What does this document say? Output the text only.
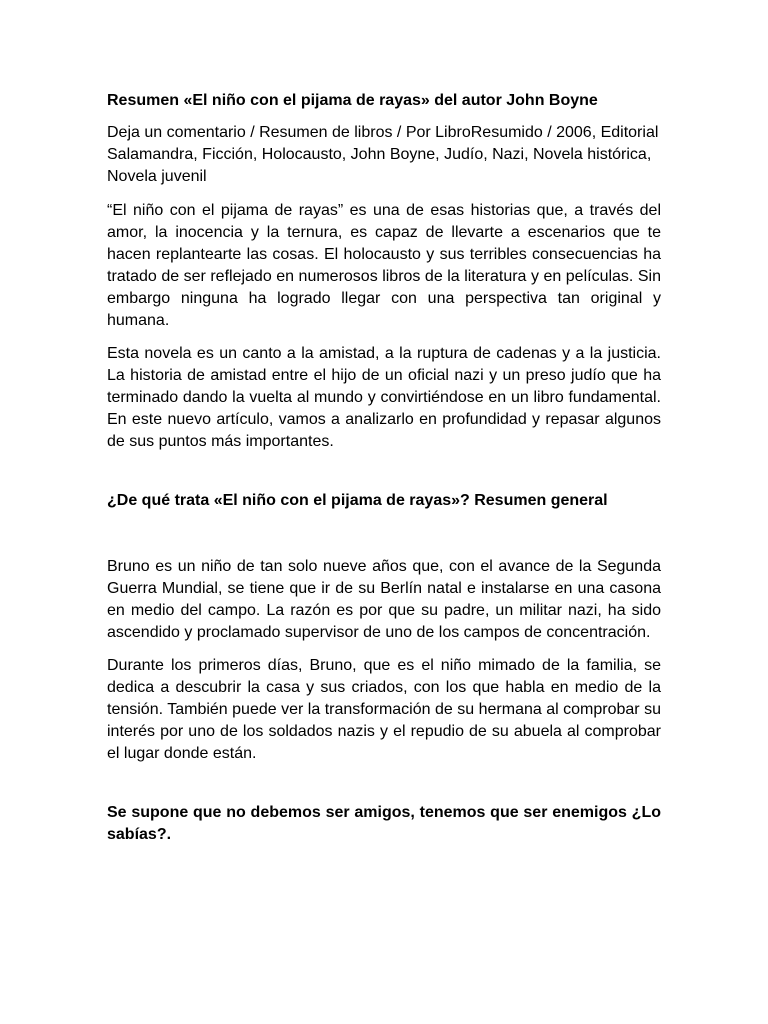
Resumen «El niño con el pijama de rayas» del autor John Boyne

Deja un comentario / Resumen de libros / Por LibroResumido / 2006, Editorial Salamandra, Ficción, Holocausto, John Boyne, Judío, Nazi, Novela histórica, Novela juvenil

“El niño con el pijama de rayas” es una de esas historias que, a través del amor, la inocencia y la ternura, es capaz de llevarte a escenarios que te hacen replantearte las cosas. El holocausto y sus terribles consecuencias ha tratado de ser reflejado en numerosos libros de la literatura y en películas. Sin embargo ninguna ha logrado llegar con una perspectiva tan original y humana.

Esta novela es un canto a la amistad, a la ruptura de cadenas y a la justicia. La historia de amistad entre el hijo de un oficial nazi y un preso judío que ha terminado dando la vuelta al mundo y convirtiéndose en un libro fundamental. En este nuevo artículo, vamos a analizarlo en profundidad y repasar algunos de sus puntos más importantes.

¿De qué trata «El niño con el pijama de rayas»? Resumen general

Bruno es un niño de tan solo nueve años que, con el avance de la Segunda Guerra Mundial, se tiene que ir de su Berlín natal e instalarse en una casona en medio del campo. La razón es por que su padre, un militar nazi, ha sido ascendido y proclamado supervisor de uno de los campos de concentración.

Durante los primeros días, Bruno, que es el niño mimado de la familia, se dedica a descubrir la casa y sus criados, con los que habla en medio de la tensión. También puede ver la transformación de su hermana al comprobar su interés por uno de los soldados nazis y el repudio de su abuela al comprobar el lugar donde están.

Se supone que no debemos ser amigos, tenemos que ser enemigos ¿Lo sabías?.
